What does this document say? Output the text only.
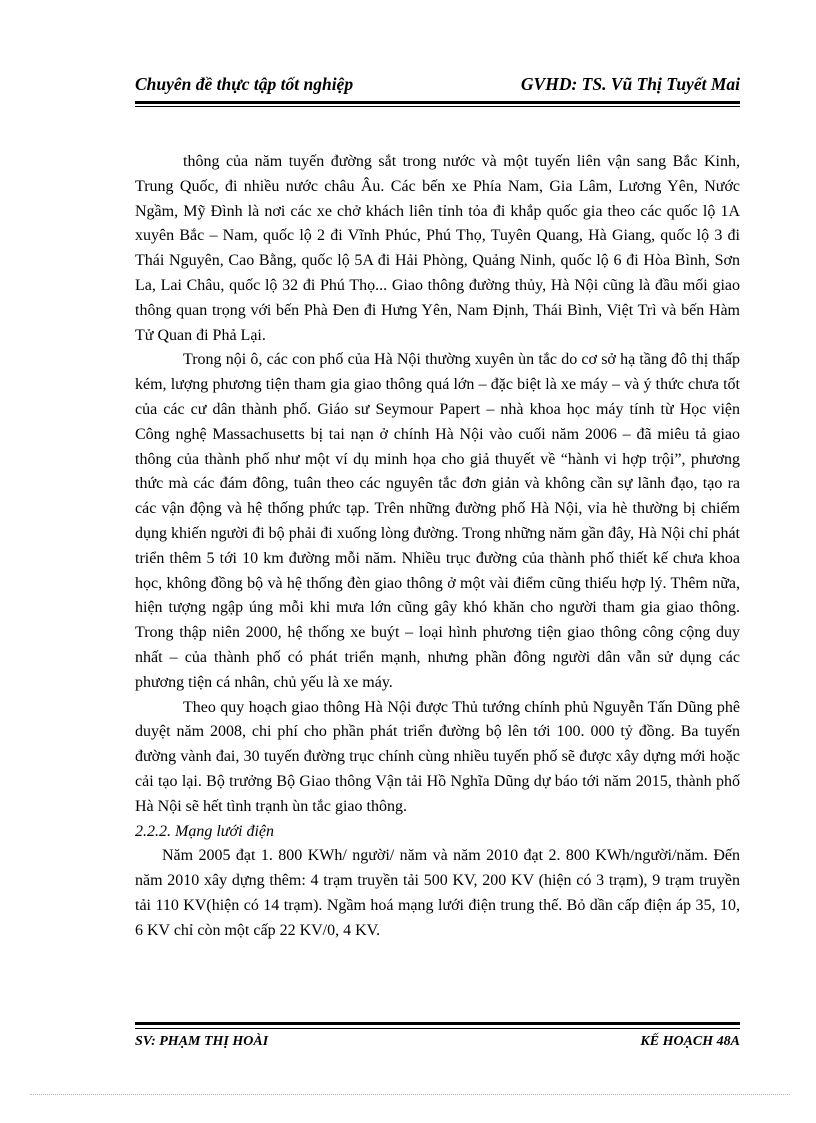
Chuyên đề thực tập tốt nghiệp	GVHD: TS. Vũ Thị Tuyết Mai

thông của năm tuyến đường sắt trong nước và một tuyến liên vận sang Bắc Kinh, Trung Quốc, đi nhiều nước châu Âu. Các bến xe Phía Nam, Gia Lâm, Lương Yên, Nước Ngầm, Mỹ Đình là nơi các xe chở khách liên tỉnh tỏa đi khắp quốc gia theo các quốc lộ 1A xuyên Bắc – Nam, quốc lộ 2 đi Vĩnh Phúc, Phú Thọ, Tuyên Quang, Hà Giang, quốc lộ 3 đi Thái Nguyên, Cao Bằng, quốc lộ 5A đi Hải Phòng, Quảng Ninh, quốc lộ 6 đi Hòa Bình, Sơn La, Lai Châu, quốc lộ 32 đi Phú Thọ... Giao thông đường thủy, Hà Nội cũng là đầu mối giao thông quan trọng với bến Phà Đen đi Hưng Yên, Nam Định, Thái Bình, Việt Trì và bến Hàm Tử Quan đi Phả Lại.

Trong nội ô, các con phố của Hà Nội thường xuyên ùn tắc do cơ sở hạ tầng đô thị thấp kém, lượng phương tiện tham gia giao thông quá lớn – đặc biệt là xe máy – và ý thức chưa tốt của các cư dân thành phố. Giáo sư Seymour Papert – nhà khoa học máy tính từ Học viện Công nghệ Massachusetts bị tai nạn ở chính Hà Nội vào cuối năm 2006 – đã miêu tả giao thông của thành phố như một ví dụ minh họa cho giả thuyết về “hành vi hợp trội”, phương thức mà các đám đông, tuân theo các nguyên tắc đơn giản và không cần sự lãnh đạo, tạo ra các vận động và hệ thống phức tạp. Trên những đường phố Hà Nội, vỉa hè thường bị chiếm dụng khiến người đi bộ phải đi xuống lòng đường. Trong những năm gần đây, Hà Nội chỉ phát triển thêm 5 tới 10 km đường mỗi năm. Nhiều trục đường của thành phố thiết kế chưa khoa học, không đồng bộ và hệ thống đèn giao thông ở một vài điểm cũng thiếu hợp lý. Thêm nữa, hiện tượng ngập úng mỗi khi mưa lớn cũng gây khó khăn cho người tham gia giao thông. Trong thập niên 2000, hệ thống xe buýt – loại hình phương tiện giao thông công cộng duy nhất – của thành phố có phát triển mạnh, nhưng phần đông người dân vẫn sử dụng các phương tiện cá nhân, chủ yếu là xe máy.

Theo quy hoạch giao thông Hà Nội được Thủ tướng chính phủ Nguyễn Tấn Dũng phê duyệt năm 2008, chi phí cho phần phát triển đường bộ lên tới 100. 000 tỷ đồng. Ba tuyến đường vành đai, 30 tuyến đường trục chính cùng nhiều tuyến phố sẽ được xây dựng mới hoặc cải tạo lại. Bộ trưởng Bộ Giao thông Vận tải Hồ Nghĩa Dũng dự báo tới năm 2015, thành phố Hà Nội sẽ hết tình trạnh ùn tắc giao thông.

2.2.2. Mạng lưới điện

Năm 2005 đạt 1. 800 KWh/ người/ năm và năm 2010 đạt 2. 800 KWh/người/năm. Đến năm 2010 xây dựng thêm: 4 trạm truyền tải 500 KV, 200 KV (hiện có 3 trạm), 9 trạm truyền tải 110 KV(hiện có 14 trạm). Ngầm hoá mạng lưới điện trung thế. Bỏ dần cấp điện áp 35, 10, 6 KV chỉ còn một cấp 22 KV/0, 4 KV.

SV: PHẠM THỊ HOÀI	KẾ HOẠCH 48A
